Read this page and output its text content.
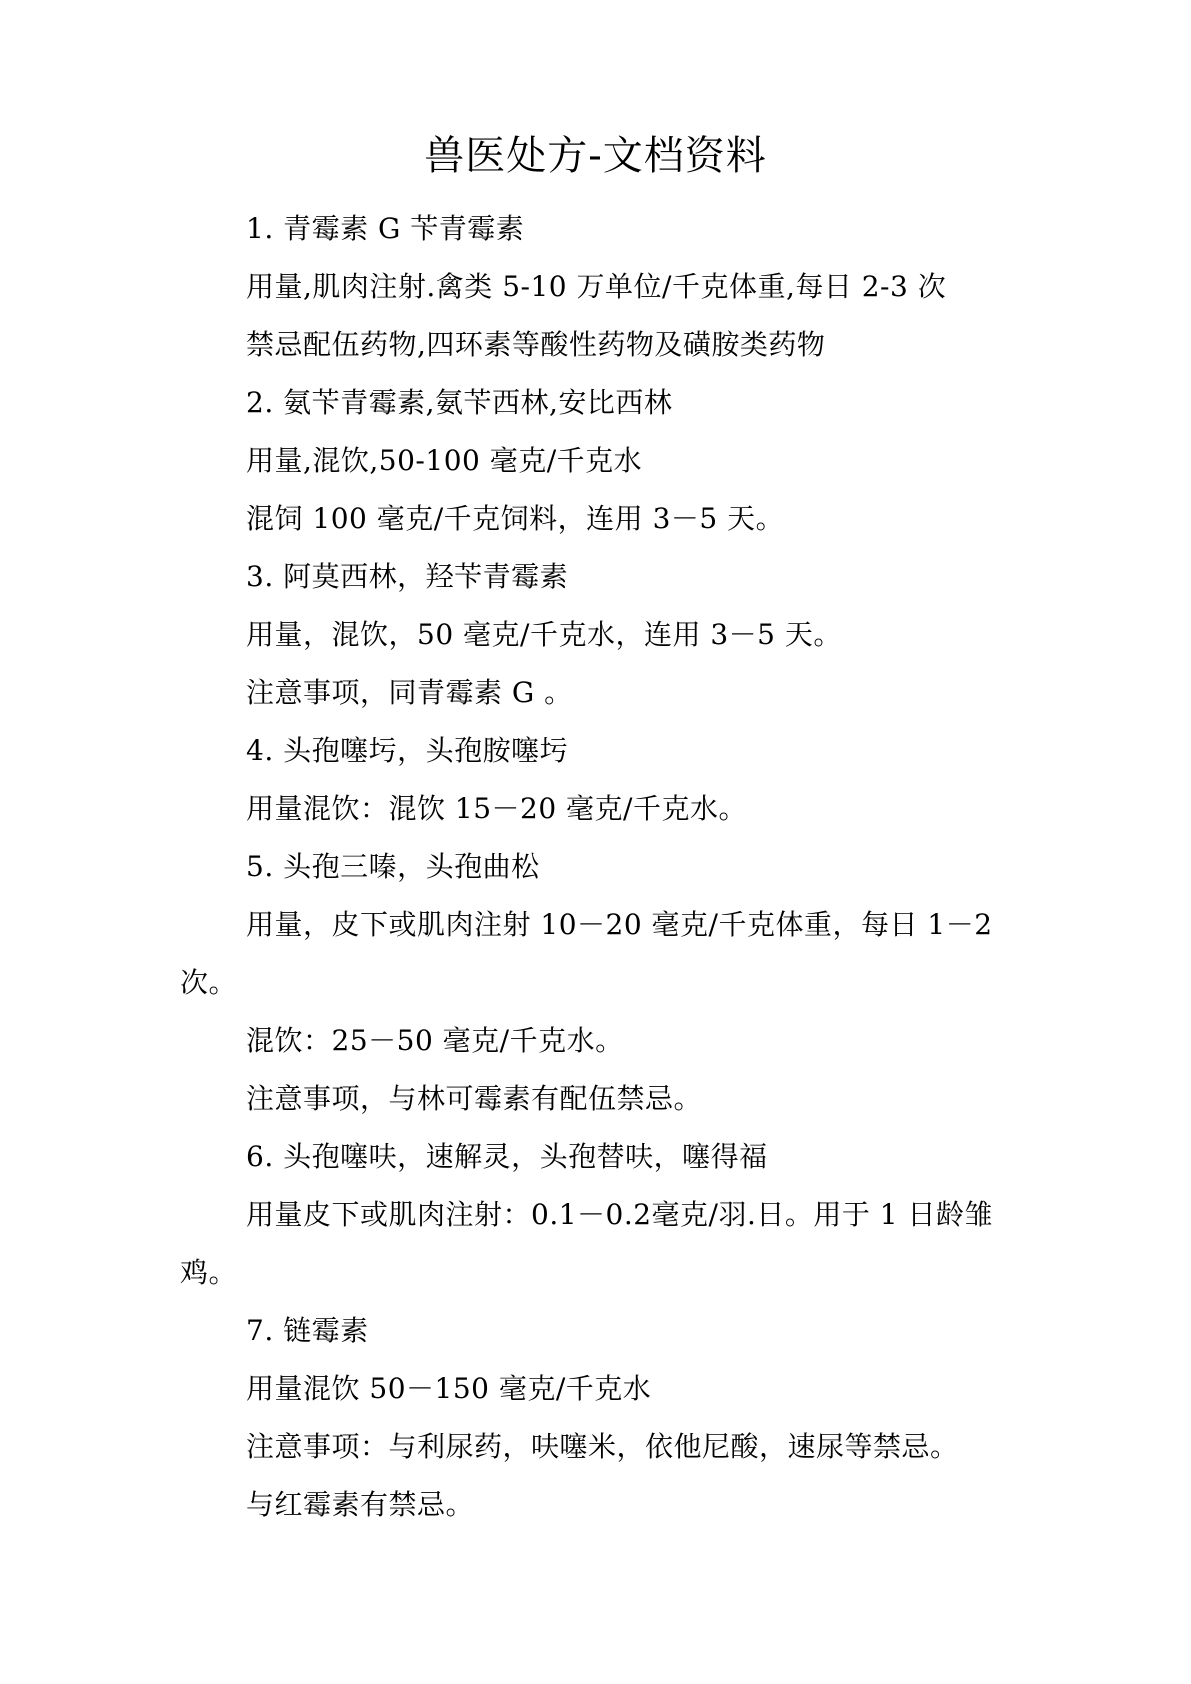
兽医处方-文档资料

1. 青霉素 G 苄青霉素

用量,肌肉注射.禽类 5-10 万单位/千克体重,每日 2-3 次

禁忌配伍药物,四环素等酸性药物及磺胺类药物

2. 氨苄青霉素,氨苄西林,安比西林

用量,混饮,50-100 毫克/千克水

混饲 100 毫克/千克饲料，连用 3－5 天。

3. 阿莫西林，羟苄青霉素

用量，混饮，50 毫克/千克水，连用 3－5 天。

注意事项，同青霉素 G 。

4. 头孢噻圬，头孢胺噻圬

用量混饮：混饮 15－20 毫克/千克水。

5. 头孢三嗪，头孢曲松

用量，皮下或肌肉注射 10－20 毫克/千克体重，每日 1－2 次。

混饮：25－50 毫克/千克水。

注意事项，与林可霉素有配伍禁忌。

6. 头孢噻呋，速解灵，头孢替呋，噻得福

用量皮下或肌肉注射：0.1－0.2毫克/羽.日。用于 1 日龄雏鸡。

7. 链霉素

用量混饮 50－150 毫克/千克水

注意事项：与利尿药，呋噻米，依他尼酸，速尿等禁忌。

与红霉素有禁忌。
